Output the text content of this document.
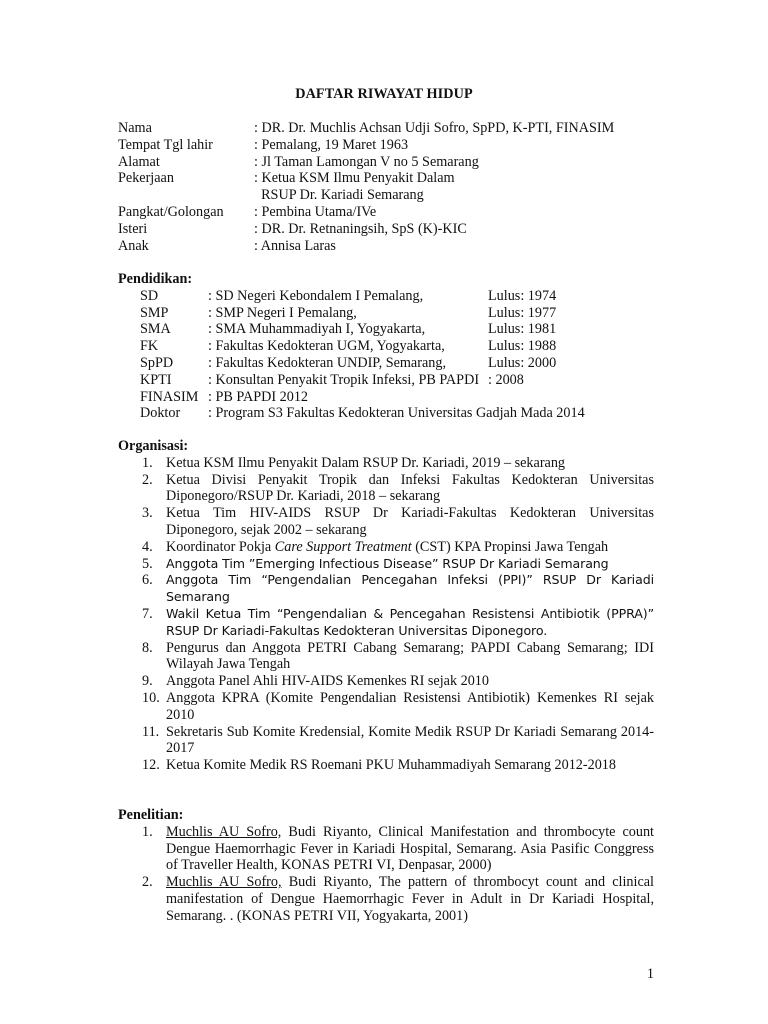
DAFTAR RIWAYAT HIDUP
Nama	: DR. Dr. Muchlis Achsan Udji Sofro, SpPD, K-PTI, FINASIM
Tempat Tgl lahir	: Pemalang, 19 Maret 1963
Alamat	: Jl Taman Lamongan V no 5 Semarang
Pekerjaan	: Ketua KSM Ilmu Penyakit Dalam
RSUP Dr. Kariadi Semarang
Pangkat/Golongan	: Pembina Utama/IVe
Isteri	: DR. Dr. Retnaningsih, SpS (K)-KIC
Anak	: Annisa Laras
Pendidikan:
SD	: SD Negeri Kebondalem I Pemalang,	Lulus: 1974
SMP	: SMP Negeri I Pemalang,	Lulus: 1977
SMA	: SMA Muhammadiyah I, Yogyakarta,	Lulus: 1981
FK	: Fakultas Kedokteran UGM, Yogyakarta,	Lulus: 1988
SpPD	: Fakultas Kedokteran UNDIP, Semarang,	Lulus: 2000
KPTI	: Konsultan Penyakit Tropik Infeksi, PB PAPDI : 2008
FINASIM : PB PAPDI 2012
Doktor	: Program S3 Fakultas Kedokteran Universitas Gadjah Mada 2014
Organisasi:
1. Ketua KSM Ilmu Penyakit Dalam RSUP Dr. Kariadi, 2019 – sekarang
2. Ketua Divisi Penyakit Tropik dan Infeksi Fakultas Kedokteran Universitas Diponegoro/RSUP Dr. Kariadi, 2018 – sekarang
3. Ketua Tim HIV-AIDS RSUP Dr Kariadi-Fakultas Kedokteran Universitas Diponegoro, sejak 2002 – sekarang
4. Koordinator Pokja Care Support Treatment (CST) KPA Propinsi Jawa Tengah
5.	Anggota Tim ”Emerging Infectious Disease” RSUP Dr Kariadi Semarang
6.	Anggota Tim “Pengendalian Pencegahan Infeksi (PPI)” RSUP Dr Kariadi Semarang
7.	Wakil Ketua Tim “Pengendalian & Pencegahan Resistensi Antibiotik (PPRA)” RSUP Dr Kariadi-Fakultas Kedokteran Universitas Diponegoro.
8. Pengurus dan Anggota PETRI Cabang Semarang; PAPDI Cabang Semarang; IDI Wilayah Jawa Tengah
9. Anggota Panel Ahli HIV-AIDS Kemenkes RI sejak 2010
10. Anggota KPRA (Komite Pengendalian Resistensi Antibiotik) Kemenkes RI sejak 2010
11. Sekretaris Sub Komite Kredensial, Komite Medik RSUP Dr Kariadi Semarang 2014-2017
12. Ketua Komite Medik RS Roemani PKU Muhammadiyah Semarang 2012-2018
Penelitian:
1. Muchlis AU Sofro, Budi Riyanto, Clinical Manifestation and thrombocyte count Dengue Haemorrhagic Fever in Kariadi Hospital, Semarang. Asia Pasific Conggress of Traveller Health, KONAS PETRI VI, Denpasar, 2000)
2. Muchlis AU Sofro, Budi Riyanto, The pattern of thrombocyt count and clinical manifestation of Dengue Haemorrhagic Fever in Adult in Dr Kariadi Hospital, Semarang. . (KONAS PETRI VII, Yogyakarta, 2001)
1
